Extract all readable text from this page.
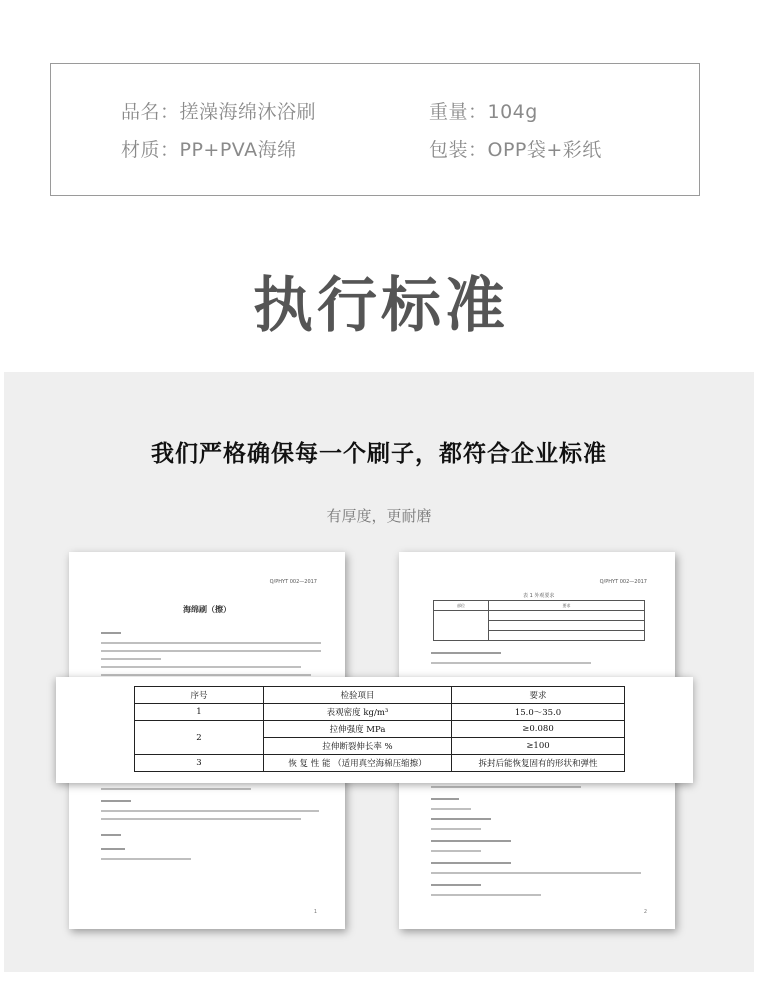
品名：搓澡海绵沐浴刷	重量：104g
材质：PP+PVA海绵	包装：OPP袋+彩纸
执行标准
我们严格确保每一个刷子，都符合企业标准
有厚度，更耐磨
Q/PHYT 002—2017
海绵刷（擦）
1
Q/PHYT 002—2017
表 1 外观要求
部位	要求

2
序号	检验项目	要求
1	表观密度 kg/m³	15.0～35.0
2	拉伸强度 MPa	≥0.080
	拉伸断裂伸长率 %	≥100
3	恢 复 性 能 （适用真空海棉压缩擦）	拆封后能恢复固有的形状和弹性
